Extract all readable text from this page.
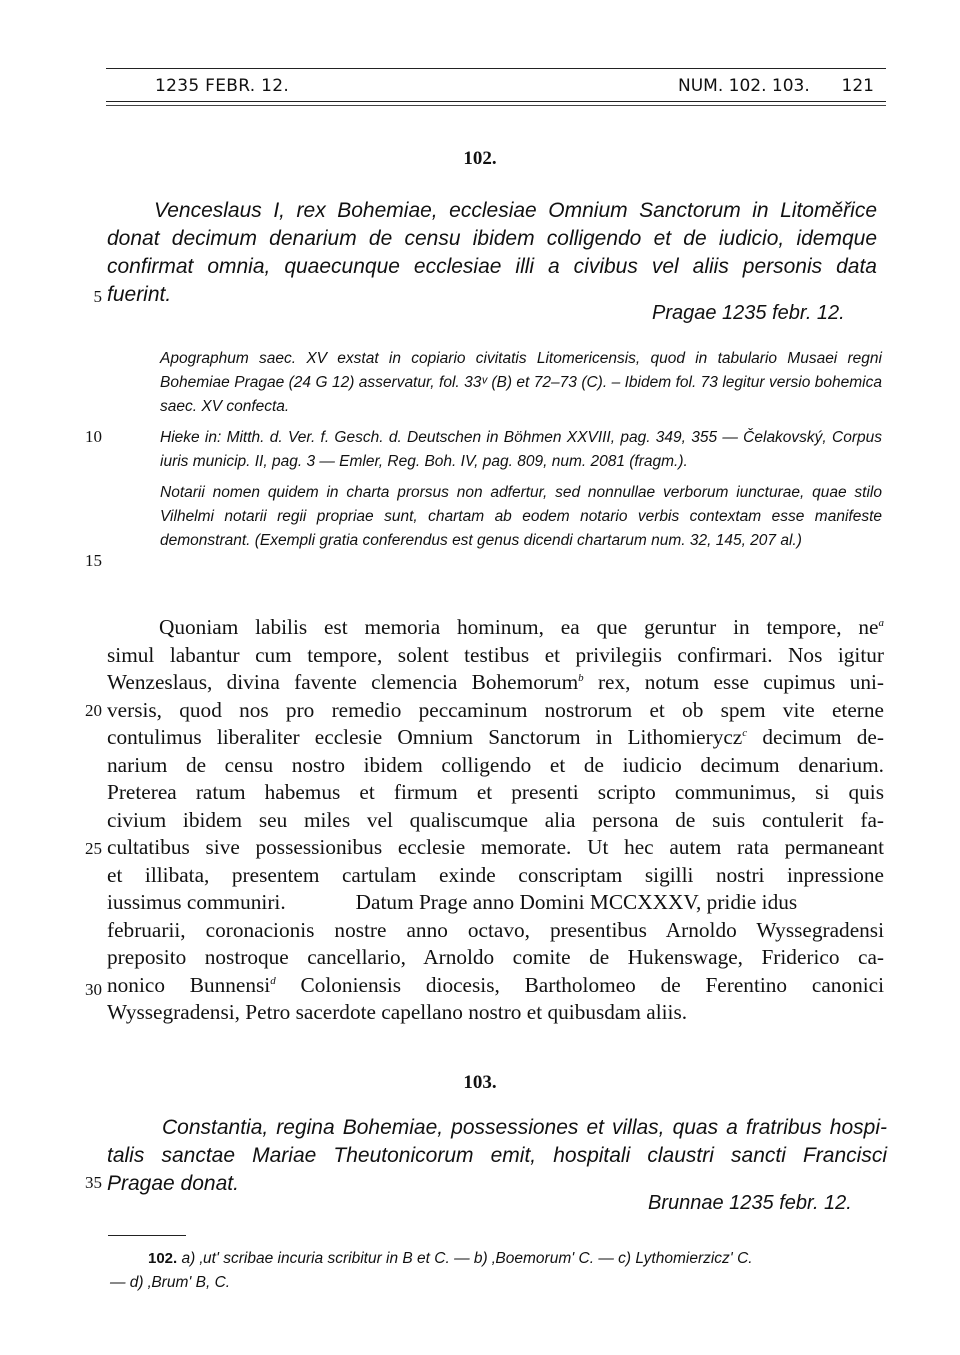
1235 FEBR. 12.	NUM. 102. 103. 121
102.
Venceslaus I, rex Bohemiae, ecclesiae Omnium Sanctorum in Litoměřice
donat decimum denarium de censu ibidem colligendo et de iudicio, idemque
confirmat omnia, quaecunque ecclesiae illi a civibus vel aliis personis data
fuerint.
Pragae 1235 febr. 12.

Apographum saec. XV exstat in copiario civitatis Litomericensis, quod in tabulario Musaei regni Bohemiae Pragae (24 G 12) asservatur, fol. 33ᵛ (B) et 72–73 (C). – Ibidem fol. 73 legitur versio bohemica saec. XV confecta.

Hieke in: Mitth. d. Ver. f. Gesch. d. Deutschen in Böhmen XXVIII, pag. 349, 355 — Čelakovský, Corpus iuris municip. II, pag. 3 — Emler, Reg. Boh. IV, pag. 809, num. 2081 (fragm.).

Notarii nomen quidem in charta prorsus non adfertur, sed nonnullae verborum iuncturae, quae stilo Vilhelmi notarii regii propriae sunt, chartam ab eodem notario verbis contextam esse manifeste demonstrant. (Exempli gratia conferendus est genus dicendi chartarum num. 32, 145, 207 al.)

Quoniam labilis est memoria hominum, ea que geruntur in tempore, ne$^a$
simul labantur cum tempore, solent testibus et privilegiis confirmari. Nos igitur
Wenzeslaus, divina favente clemencia Bohemorum$^b$ rex, notum esse cupimus uni-
versis, quod nos pro remedio peccaminum nostrorum et ob spem vite eterne
contulimus liberaliter ecclesie Omnium Sanctorum in Lithomierycz$^c$ decimum de-
narium de censu nostro ibidem colligendo et de iudicio decimum denarium.
Preterea ratum habemus et firmum et presenti scripto communimus, si quis
civium ibidem seu miles vel qualiscumque alia persona de suis contulerit fa-
cultatibus sive possessionibus ecclesie memorate. Ut hec autem rata permaneant
et illibata, presentem cartulam exinde conscriptam sigilli nostri inpressione
iussimus communiri.	Datum Prage anno Domini MCCXXXV, pridie idus
februarii, coronacionis nostre anno octavo, presentibus Arnoldo Wyssegradensi
preposito nostroque cancellario, Arnoldo comite de Hukenswage, Friderico ca-
nonico Bunnensi$^d$ Coloniensis diocesis, Bartholomeo de Ferentino canonici
Wyssegradensi, Petro sacerdote capellano nostro et quibusdam aliis.
103.
Constantia, regina Bohemiae, possessiones et villas, quas a fratribus hospi-
talis sanctae Mariae Theutonicorum emit, hospitali claustri sancti Francisci
Pragae donat.
Brunnae 1235 febr. 12.
5
10
15
20
25
30
35
102. a) ‚ut' scribae incuria scribitur in B et C. — b) ‚Boemorum' C. — c) Lythomierzicz' C.
— d) ‚Brum' B, C.
